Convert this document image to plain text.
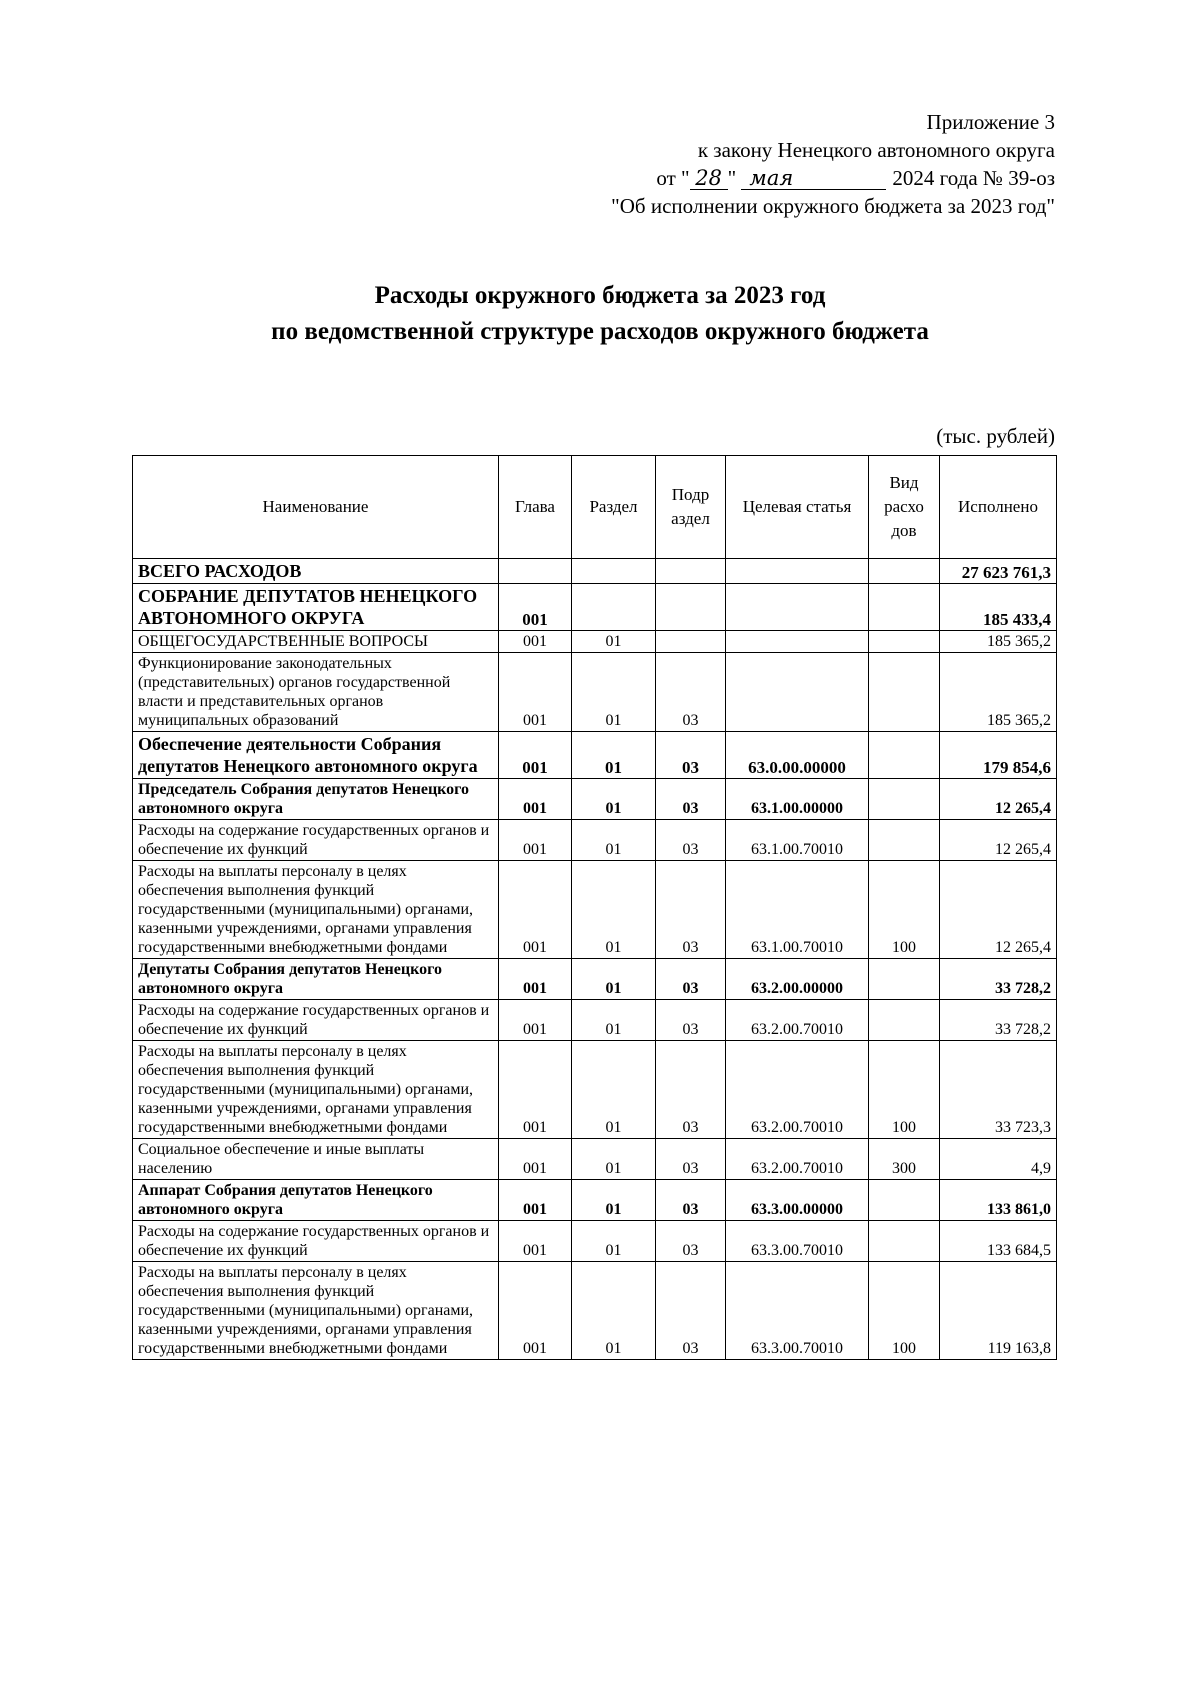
Приложение 3
к закону Ненецкого автономного округа
от " 28 " мая	2024 года № 39-оз
"Об исполнении окружного бюджета за 2023 год"
Расходы окружного бюджета за 2023 год
по ведомственной структуре расходов окружного бюджета
(тыс. рублей)
Наименование	Глава	Раздел	Подр аздел	Целевая статья	Вид расхо дов	Исполнено
ВСЕГО РАСХОДОВ						27 623 761,3
СОБРАНИЕ ДЕПУТАТОВ НЕНЕЦКОГО АВТОНОМНОГО ОКРУГА	001					185 433,4
ОБЩЕГОСУДАРСТВЕННЫЕ ВОПРОСЫ	001	01				185 365,2
Функционирование законодательных (представительных) органов государственной власти и представительных органов муниципальных образований	001	01	03			185 365,2
Обеспечение деятельности Собрания депутатов Ненецкого автономного округа	001	01	03	63.0.00.00000		179 854,6
Председатель Собрания депутатов Ненецкого автономного округа	001	01	03	63.1.00.00000		12 265,4
Расходы на содержание государственных органов и обеспечение их функций	001	01	03	63.1.00.70010		12 265,4
Расходы на выплаты персоналу в целях обеспечения выполнения функций государственными (муниципальными) органами, казенными учреждениями, органами управления государственными внебюджетными фондами	001	01	03	63.1.00.70010	100	12 265,4
Депутаты Собрания депутатов Ненецкого автономного округа	001	01	03	63.2.00.00000		33 728,2
Расходы на содержание государственных органов и обеспечение их функций	001	01	03	63.2.00.70010		33 728,2
Расходы на выплаты персоналу в целях обеспечения выполнения функций государственными (муниципальными) органами, казенными учреждениями, органами управления государственными внебюджетными фондами	001	01	03	63.2.00.70010	100	33 723,3
Социальное обеспечение и иные выплаты населению	001	01	03	63.2.00.70010	300	4,9
Аппарат Собрания депутатов Ненецкого автономного округа	001	01	03	63.3.00.00000		133 861,0
Расходы на содержание государственных органов и обеспечение их функций	001	01	03	63.3.00.70010		133 684,5
Расходы на выплаты персоналу в целях обеспечения выполнения функций государственными (муниципальными) органами, казенными учреждениями, органами управления государственными внебюджетными фондами	001	01	03	63.3.00.70010	100	119 163,8
